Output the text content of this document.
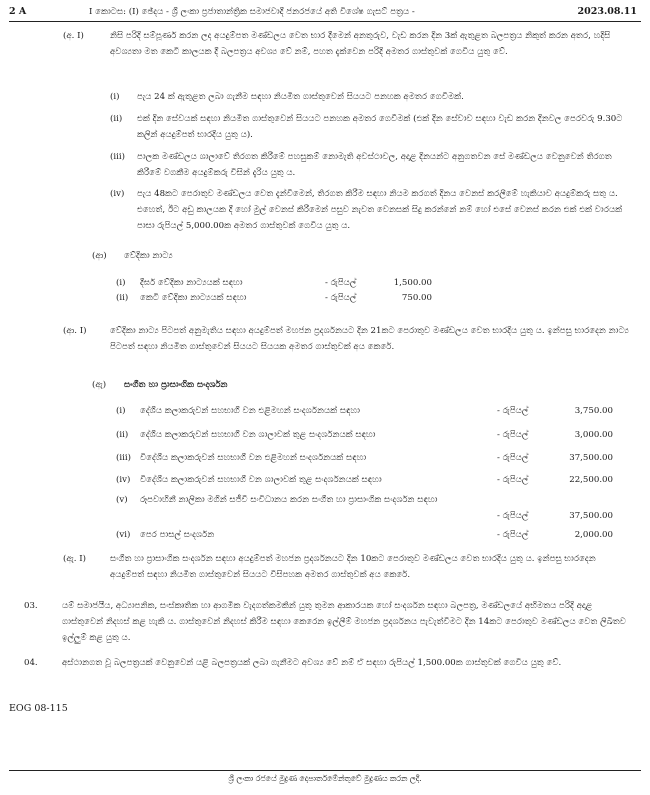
2 A	I කොටස: (I) ඡේදය - ශ්‍රී ලංකා ප්‍රජාතාන්ත්‍රික සමාජවාදී ජනරජයේ අති විශේෂ ගැසට් පත්‍රය -	2023.08.11
(අ. I)	නිසි පරිදි සම්පූර්ණ කරන ලද අයදුම්පත මණ්ඩලය වෙත භාර දීමෙන් අනතුරුව, වැඩ කරන දින 3ක් ඇතුළත බලපත්‍රය නිකුත් කරන අතර, හදිසි අවශ්‍යතා මත කෙටි කාලයක දී බලපත්‍රය අවශ්‍ය වේ නම්, පහත දැක්වෙන පරිදි අමතර ගාස්තුවක් ගෙවිය යුතු වේ.
(i) පැය 24 ක් ඇතුළත ලබා ගැනීම සඳහා නියමිත ගාස්තුවෙන් සියයට පනහක අමතර ගෙවීමක්.
(ii) එක් දින සේවයක් සඳහා නියමිත ගාස්තුවෙන් සියයට පනහක අමතර ගෙවීමක් (එක් දින සේවාව සඳහා වැඩ කරන දිනවල පෙරවරු 9.30ට කලින් අයදුම්පත් භාරදිය යුතු ය).
(iii) පාලක මණ්ඩලය ශාලාවේ තිරගත කිරීමේ පහසුකම් නොමැති අවස්ථාවල, අදාළ දිනයන්ට අනුගතවන සේ මණ්ඩලය වෙනුවෙන් තිරගත කිරීමේ වගකීම අයදුම්කරු විසින් දැරිය යුතු ය.
(iv) පැය 48කට පෙරාතුව මණ්ඩලය වෙත දැන්වීමෙන්, තිරගත කිරීම සඳහා නියම කරගත් දිනය වෙනස් කරලීමේ හැකියාව අයදුම්කරු සතු ය. එහෙත්, ඊට අඩු කාලයක දී හෝ මුල් වෙනස් කිරීමෙන් පසුව නැවත වෙනසක් සිදු කරන්නේ නම් හෝ එසේ වෙනස් කරන එක් එක් වාරයක් පාසා රුපියල් 5,000.00ක අමතර ගාස්තුවක් ගෙවිය යුතු ය.
(ආ) වේදිකා නාට්‍ය
(i) දීර්ඝ වේදිකා නාට්‍යයක් සඳහා	- රුපියල්	1,500.00
(ii) කෙටි වේදිකා නාට්‍යයක් සඳහා	- රුපියල්	750.00
(ආ. I)	වේදිකා නාට්‍ය පිටපත් අනුමැතිය සඳහා අයදුම්පත් මහජන ප්‍රදර්ශනයට දින 21කට පෙරාතුව මණ්ඩලය වෙත භාරදිය යුතු ය. ඉන්පසු භාරදෙන නාට්‍ය පිටපත් සඳහා නියමිත ගාස්තුවෙන් සියයට සියයක අමතර ගාස්තුවක් අය කෙරේ.
(ඇ) සංගීත හා ප්‍රාසාංගික සංදර්ශන
(i) දේශීය කලාකරුවන් සහභාගී වන එළිමහන් සංදර්ශනයක් සඳහා	- රුපියල්	3,750.00
(ii) දේශීය කලාකරුවන් සහභාගී වන ශාලාවක් තුළ සංදර්ශනයක් සඳහා	- රුපියල්	3,000.00
(iii) විදේශීය කලාකරුවන් සහභාගී වන එළිමහන් සංදර්ශනයක් සඳහා	- රුපියල්	37,500.00
(iv) විදේශීය කලාකරුවන් සහභාගී වන ශාලාවක් තුළ සංදර්ශනයක් සඳහා	- රුපියල්	22,500.00
(v) රූපවාහිනී නාලිකා මගින් සජීවී සංවිධානය කරන සංගීත හා ප්‍රාසාංගික සංදර්ශන සඳහා
- රුපියල්	37,500.00
(vi) පෙර පාසල් සංදර්ශන	- රුපියල්	2,000.00
(ඇ. I)	සංගීත හා ප්‍රාසාංගික සංදර්ශන සඳහා අයදුම්පත් මහජන ප්‍රදර්ශනයට දින 10කට පෙරාතුව මණ්ඩලය වෙත භාරදිය යුතු ය. ඉන්පසු භාරදෙන අයදුම්පත් සඳහා නියමිත ගාස්තුවෙන් සියයට විසිපහක අමතර ගාස්තුවක් අය කෙරේ.
03.	යම් සමාජයීය, අධ්‍යාපනික, සංස්කෘතික හා ආගමික වැදගත්කමකින් යුතු තුමන ආකාරයක හෝ සංදර්ශන සඳහා බලපත්‍ර, මණ්ඩලයේ අභිමතය පරිදි අදාළ ගාස්තුවෙන් නිදහස් කළ හැකි ය. ගාස්තුවෙන් නිදහස් කිරීම සඳහා කෙරෙන ඉල්ලීම් මහජන ප්‍රදර්ශනය පැවැත්වීමට දින 14කට පෙරාතුව මණ්ඩලය වෙත ලිඛිතව ඉල්ලුම් කළ යුතු ය.
04.	අස්ථානගත වූ බලපත්‍රයක් වෙනුවෙන් යළි බලපත්‍රයක් ලබා ගැනීමට අවශ්‍ය වේ නම් ඒ සඳහා රුපියල් 1,500.00ක ගාස්තුවක් ගෙවිය යුතු වේ.
EOG 08-115
ශ්‍රී ලංකා රජයේ මුද්‍රණ දෙපාර්තමේන්තුවේ මුද්‍රණය කරන ලදී.
